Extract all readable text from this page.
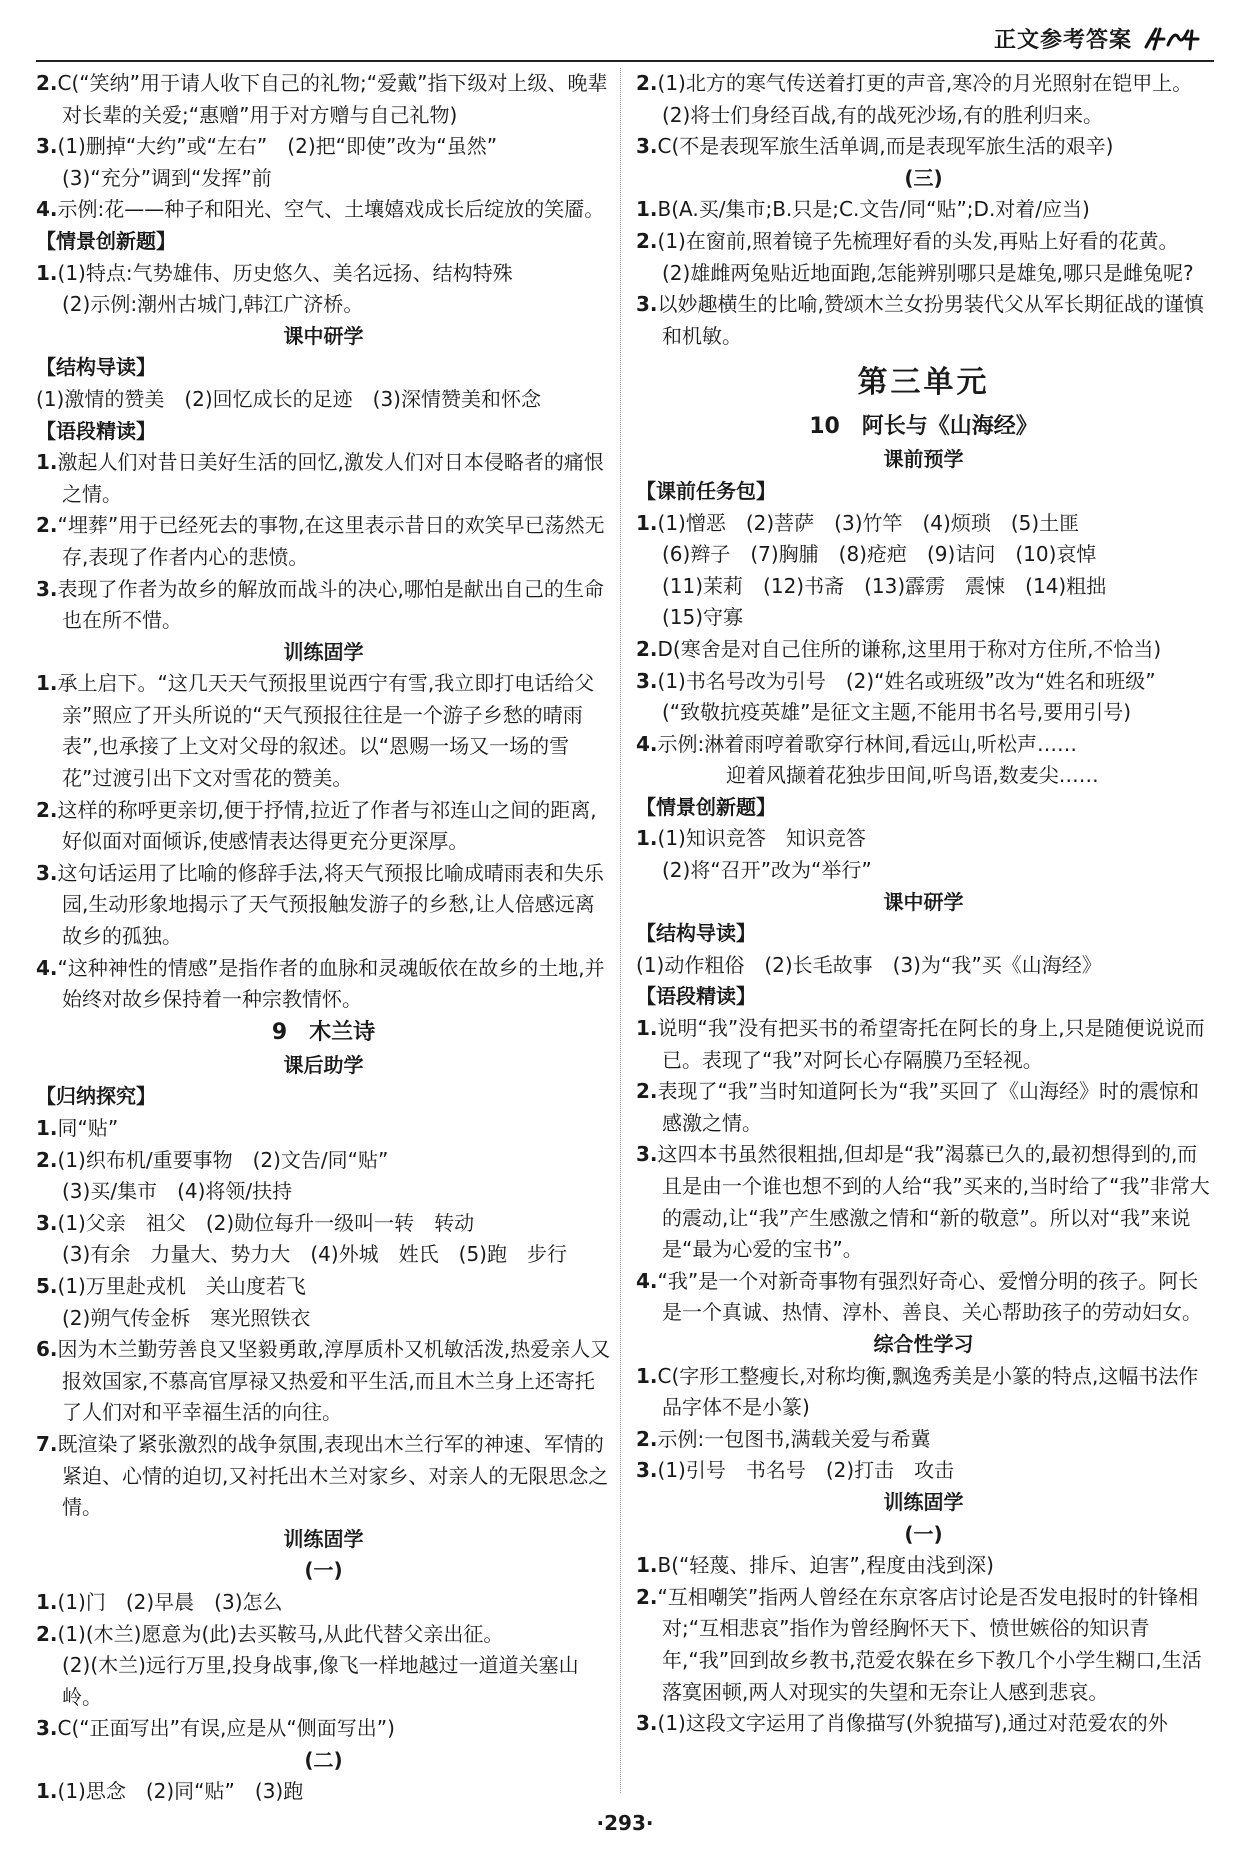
正文参考答案
2.C(“笑纳”用于请人收下自己的礼物;“爱戴”指下级对上级、晚辈对长辈的关爱;“惠赠”用于对方赠与自己礼物)
3.(1)删掉“大约”或“左右”　(2)把“即使”改为“虽然”
(3)“充分”调到“发挥”前
4.示例:花——种子和阳光、空气、土壤嬉戏成长后绽放的笑靥。
【情景创新题】
1.(1)特点:气势雄伟、历史悠久、美名远扬、结构特殊
(2)示例:潮州古城门,韩江广济桥。
课中研学
【结构导读】
(1)激情的赞美　(2)回忆成长的足迹　(3)深情赞美和怀念
【语段精读】
1.激起人们对昔日美好生活的回忆,激发人们对日本侵略者的痛恨之情。
2.“埋葬”用于已经死去的事物,在这里表示昔日的欢笑早已荡然无存,表现了作者内心的悲愤。
3.表现了作者为故乡的解放而战斗的决心,哪怕是献出自己的生命也在所不惜。
训练固学
1.承上启下。“这几天天气预报里说西宁有雪,我立即打电话给父亲”照应了开头所说的“天气预报往往是一个游子乡愁的晴雨表”,也承接了上文对父母的叙述。以“恩赐一场又一场的雪花”过渡引出下文对雪花的赞美。
2.这样的称呼更亲切,便于抒情,拉近了作者与祁连山之间的距离,好似面对面倾诉,使感情表达得更充分更深厚。
3.这句话运用了比喻的修辞手法,将天气预报比喻成晴雨表和失乐园,生动形象地揭示了天气预报触发游子的乡愁,让人倍感远离故乡的孤独。
4.“这种神性的情感”是指作者的血脉和灵魂皈依在故乡的土地,并始终对故乡保持着一种宗教情怀。
9　木兰诗
课后助学
【归纳探究】
1.同“贴”
2.(1)织布机/重要事物　(2)文告/同“贴”
(3)买/集市　(4)将领/扶持
3.(1)父亲　祖父　(2)勋位每升一级叫一转　转动
(3)有余　力量大、势力大　(4)外城　姓氏　(5)跑　步行
5.(1)万里赴戎机　关山度若飞
(2)朔气传金柝　寒光照铁衣
6.因为木兰勤劳善良又坚毅勇敢,淳厚质朴又机敏活泼,热爱亲人又报效国家,不慕高官厚禄又热爱和平生活,而且木兰身上还寄托了人们对和平幸福生活的向往。
7.既渲染了紧张激烈的战争氛围,表现出木兰行军的神速、军情的紧迫、心情的迫切,又衬托出木兰对家乡、对亲人的无限思念之情。
训练固学
(一)
1.(1)门　(2)早晨　(3)怎么
2.(1)(木兰)愿意为(此)去买鞍马,从此代替父亲出征。
(2)(木兰)远行万里,投身战事,像飞一样地越过一道道关塞山岭。
3.C(“正面写出”有误,应是从“侧面写出”)
(二)
1.(1)思念　(2)同“贴”　(3)跑
2.(1)北方的寒气传送着打更的声音,寒冷的月光照射在铠甲上。
(2)将士们身经百战,有的战死沙场,有的胜利归来。
3.C(不是表现军旅生活单调,而是表现军旅生活的艰辛)
(三)
1.B(A.买/集市;B.只是;C.文告/同“贴”;D.对着/应当)
2.(1)在窗前,照着镜子先梳理好看的头发,再贴上好看的花黄。
(2)雄雌两兔贴近地面跑,怎能辨别哪只是雄兔,哪只是雌兔呢?
3.以妙趣横生的比喻,赞颂木兰女扮男装代父从军长期征战的谨慎和机敏。
第三单元
10　阿长与《山海经》
课前预学
【课前任务包】
1.(1)憎恶　(2)菩萨　(3)竹竿　(4)烦琐　(5)土匪
(6)辫子　(7)胸脯　(8)疮疤　(9)诘问　(10)哀悼
(11)茉莉　(12)书斋　(13)霹雳　震悚　(14)粗拙
(15)守寡
2.D(寒舍是对自己住所的谦称,这里用于称对方住所,不恰当)
3.(1)书名号改为引号　(2)“姓名或班级”改为“姓名和班级”
(“致敬抗疫英雄”是征文主题,不能用书名号,要用引号)
4.示例:淋着雨哼着歌穿行林间,看远山,听松声……
迎着风撷着花独步田间,听鸟语,数麦尖……
【情景创新题】
1.(1)知识竞答　知识竞答
(2)将“召开”改为“举行”
课中研学
【结构导读】
(1)动作粗俗　(2)长毛故事　(3)为“我”买《山海经》
【语段精读】
1.说明“我”没有把买书的希望寄托在阿长的身上,只是随便说说而已。表现了“我”对阿长心存隔膜乃至轻视。
2.表现了“我”当时知道阿长为“我”买回了《山海经》时的震惊和感激之情。
3.这四本书虽然很粗拙,但却是“我”渴慕已久的,最初想得到的,而且是由一个谁也想不到的人给“我”买来的,当时给了“我”非常大的震动,让“我”产生感激之情和“新的敬意”。所以对“我”来说是“最为心爱的宝书”。
4.“我”是一个对新奇事物有强烈好奇心、爱憎分明的孩子。阿长是一个真诚、热情、淳朴、善良、关心帮助孩子的劳动妇女。
综合性学习
1.C(字形工整瘦长,对称均衡,飘逸秀美是小篆的特点,这幅书法作品字体不是小篆)
2.示例:一包图书,满载关爱与希冀
3.(1)引号　书名号　(2)打击　攻击
训练固学
(一)
1.B(“轻蔑、排斥、迫害”,程度由浅到深)
2.“互相嘲笑”指两人曾经在东京客店讨论是否发电报时的针锋相对;“互相悲哀”指作为曾经胸怀天下、愤世嫉俗的知识青年,“我”回到故乡教书,范爱农躲在乡下教几个小学生糊口,生活落寞困顿,两人对现实的失望和无奈让人感到悲哀。
3.(1)这段文字运用了肖像描写(外貌描写),通过对范爱农的外
·293·
